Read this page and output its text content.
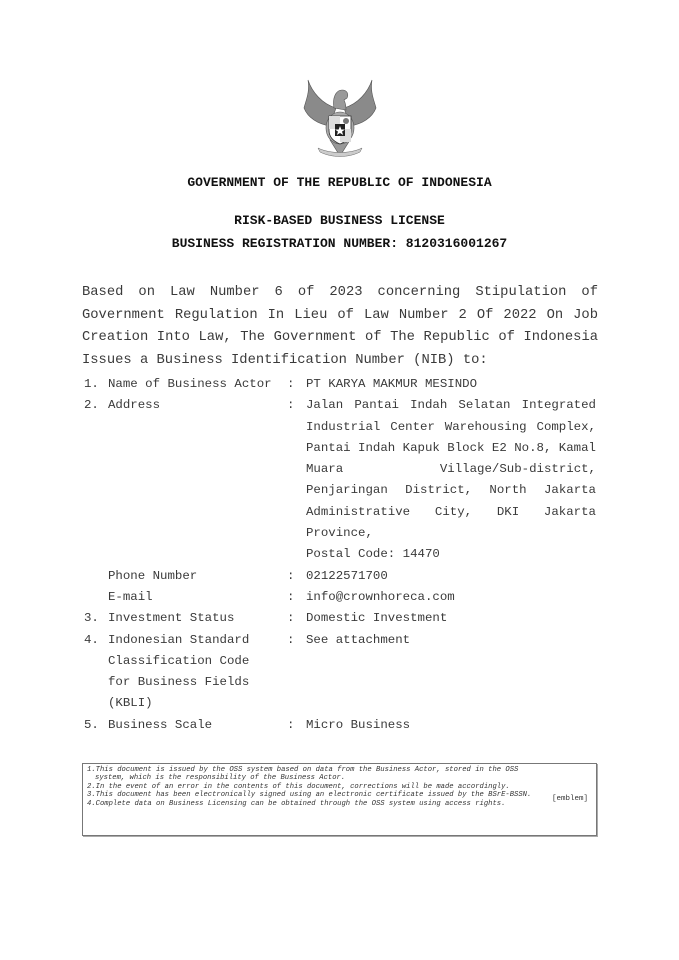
GOVERNMENT OF THE REPUBLIC OF INDONESIA
RISK-BASED BUSINESS LICENSE
BUSINESS REGISTRATION NUMBER: 8120316001267
Based on Law Number 6 of 2023 concerning Stipulation of
Government Regulation In Lieu of Law Number 2 Of 2022 On Job
Creation Into Law, The Government of The Republic of Indonesia
Issues a Business Identification Number (NIB) to:
1. Name of Business Actor	: PT KARYA MAKMUR MESINDO
2. Address	: Jalan Pantai Indah Selatan Integrated
Industrial Center Warehousing Complex,
Pantai Indah Kapuk Block E2 No.8, Kamal
Muara Village/Sub-district,
Penjaringan District, North Jakarta
Administrative City, DKI Jakarta
Province,
Postal Code: 14470
Phone Number	: 02122571700
E-mail	: info@crownhoreca.com
3. Investment Status	: Domestic Investment
4. Indonesian Standard
Classification Code
for Business Fields
(KBLI)
: See attachment
5. Business Scale	: Micro Business
1.This document is issued by the OSS system based on data from the Business Actor, stored in the OSS system, which is the responsibility of the Business Actor.
2.In the event of an error in the contents of this document, corrections will be made accordingly.
3.This document has been electronically signed using an electronic certificate issued by the BSrE-BSSN.
4.Complete data on Business Licensing can be obtained through the OSS system using access rights.
[emblem]
